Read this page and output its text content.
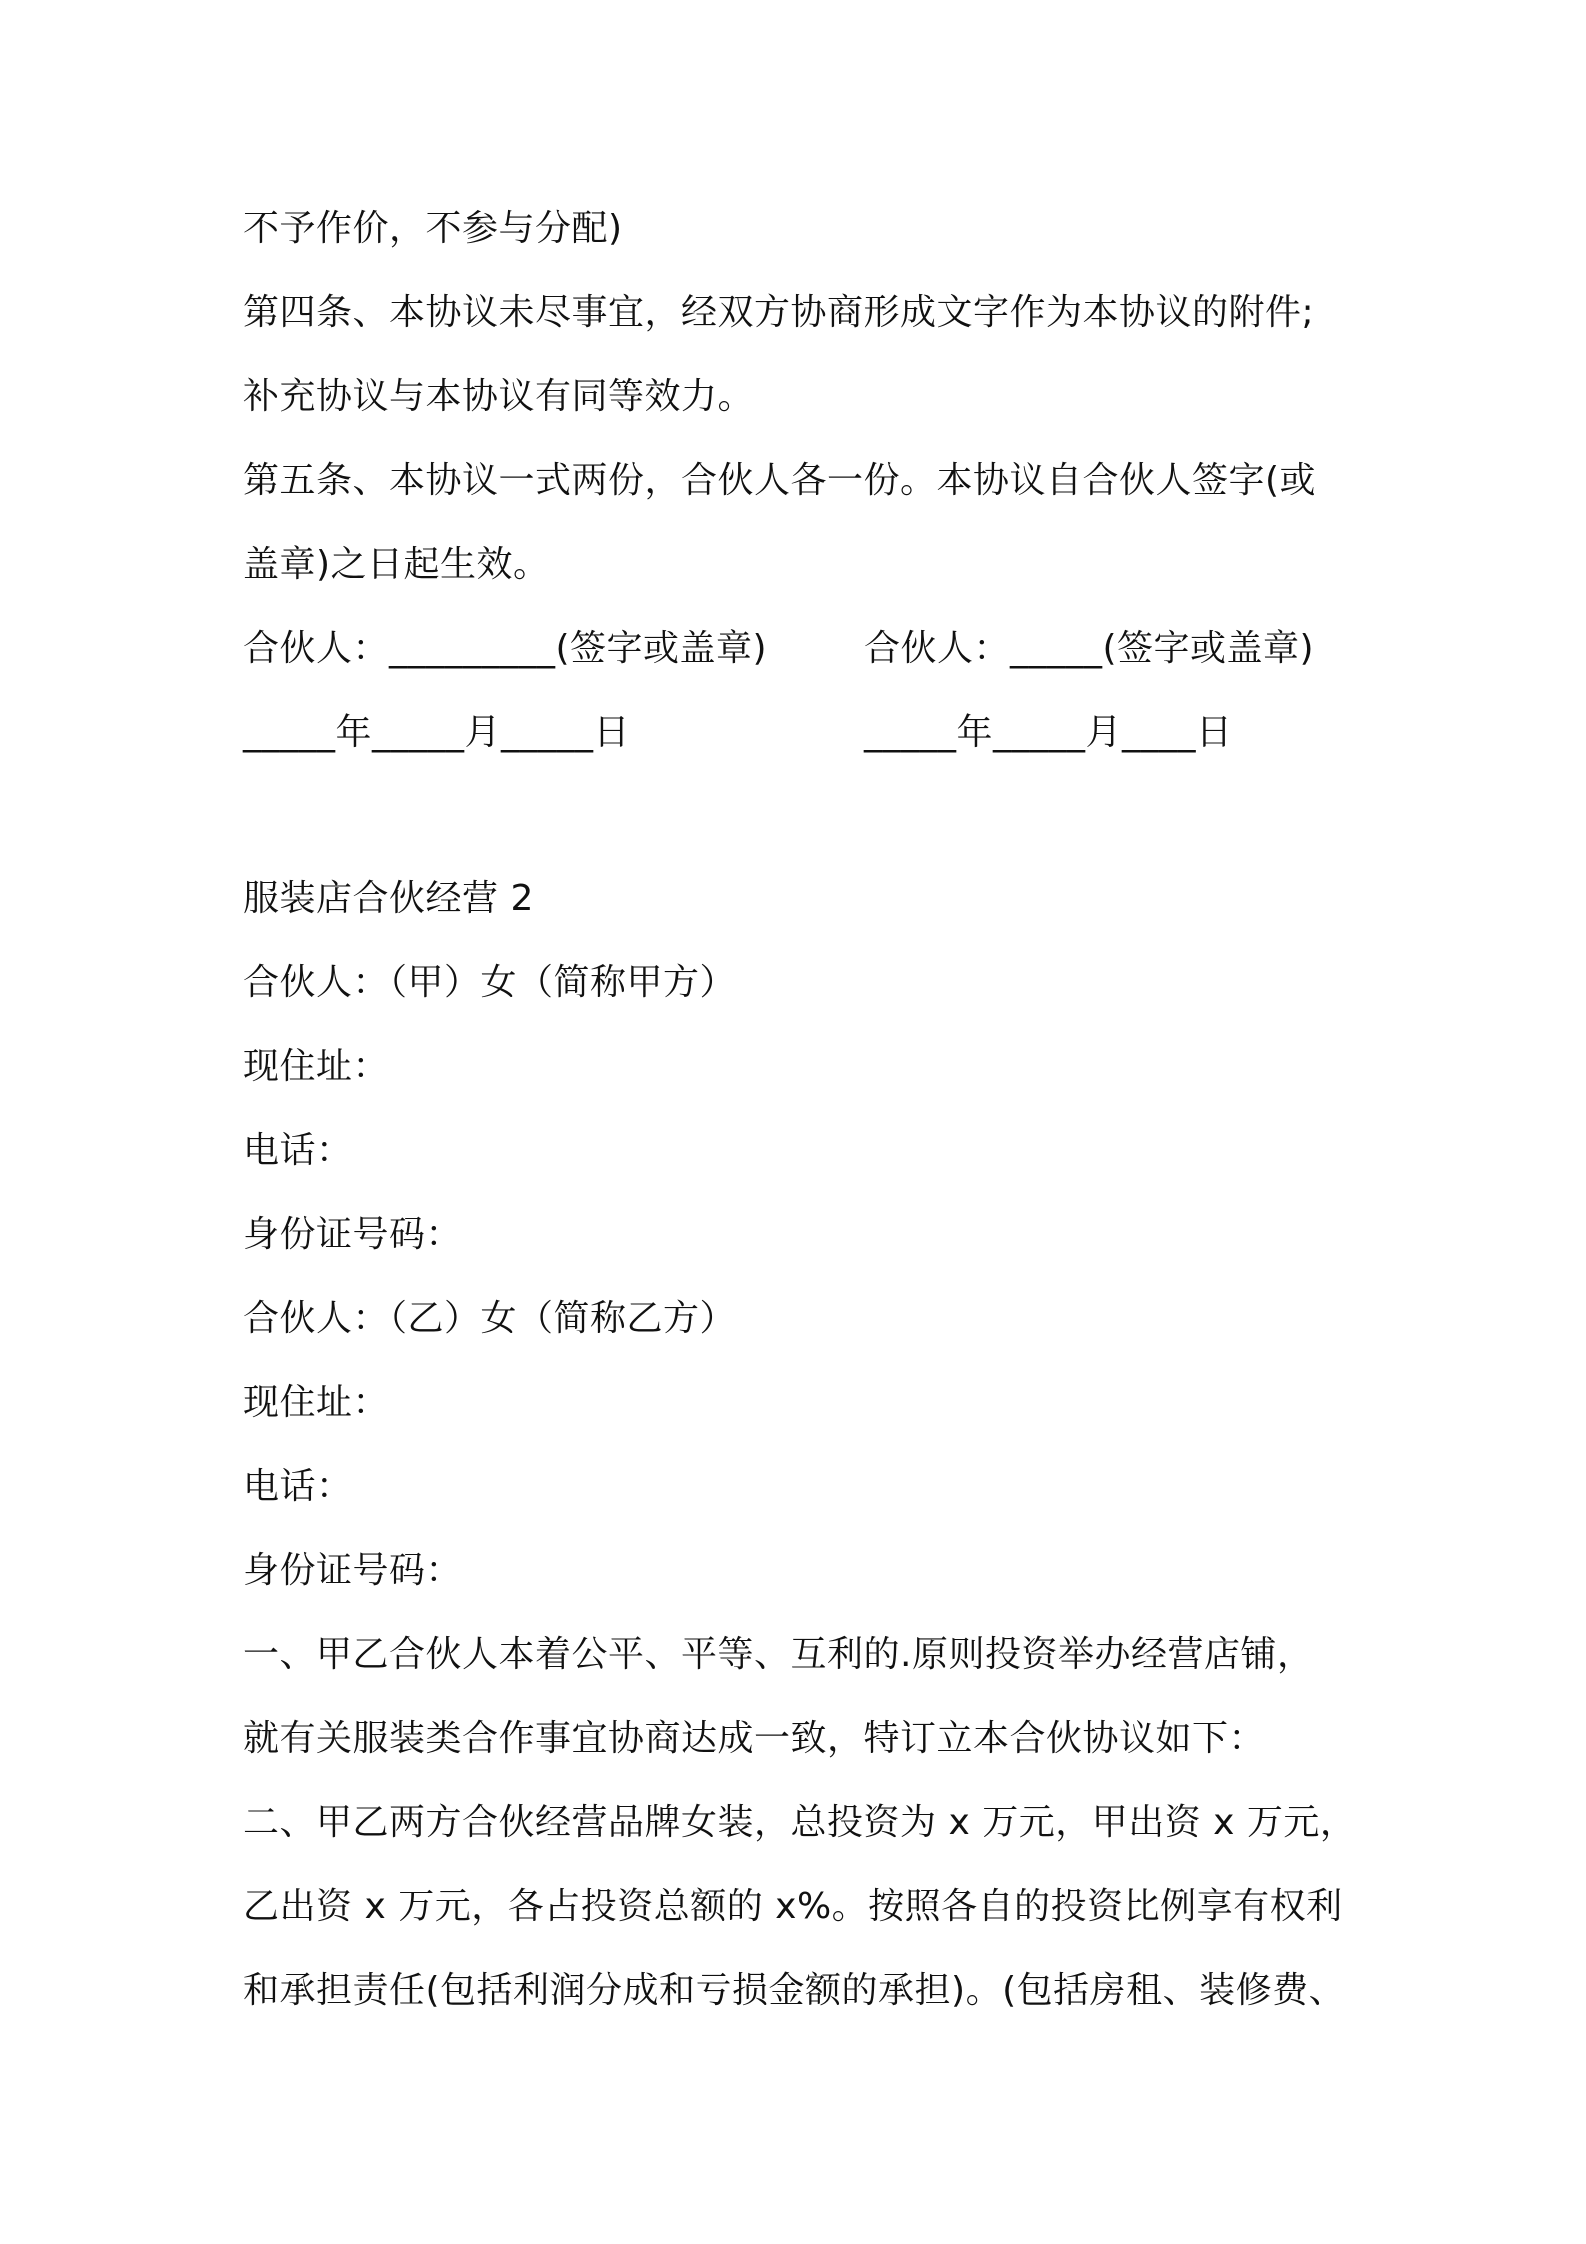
不予作价，不参与分配)
第四条、本协议未尽事宜，经双方协商形成文字作为本协议的附件;
补充协议与本协议有同等效力。
第五条、本协议一式两份，合伙人各一份。本协议自合伙人签字(或
盖章)之日起生效。
合伙人：_________(签字或盖章)	合伙人：_____(签字或盖章)
_____年_____月_____日	_____年_____月____日
服装店合伙经营 2
合伙人：（甲）女（简称甲方）
现住址：
电话：
身份证号码：
合伙人：（乙）女（简称乙方）
现住址：
电话：
身份证号码：
一、甲乙合伙人本着公平、平等、互利的.原则投资举办经营店铺，
就有关服装类合作事宜协商达成一致，特订立本合伙协议如下：
二、甲乙两方合伙经营品牌女装，总投资为 x 万元，甲出资 x 万元，
乙出资 x 万元，各占投资总额的 x%。按照各自的投资比例享有权利
和承担责任(包括利润分成和亏损金额的承担)。(包括房租、装修费、
